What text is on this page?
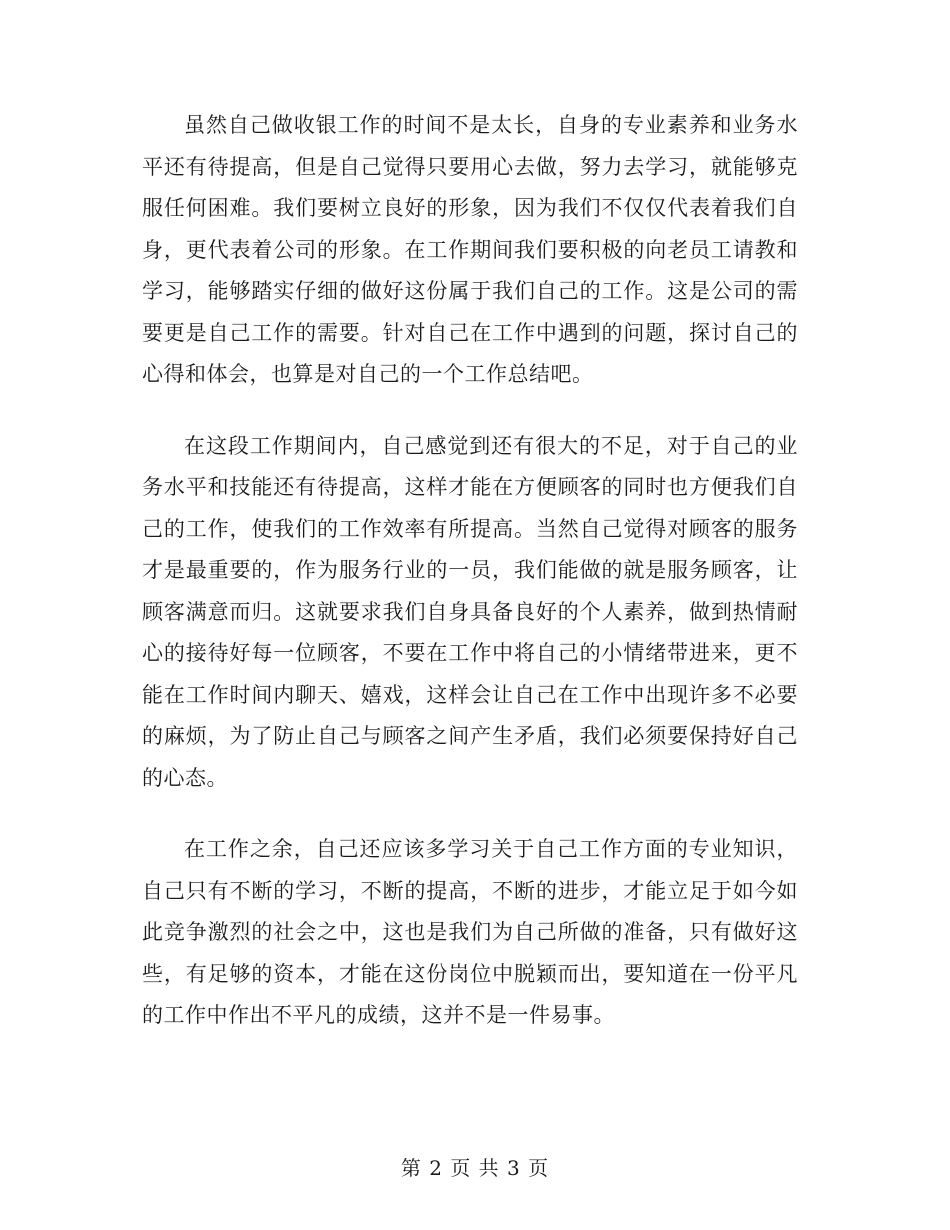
虽然自己做收银工作的时间不是太长，自身的专业素养和业务水平还有待提高，但是自己觉得只要用心去做，努力去学习，就能够克服任何困难。我们要树立良好的形象，因为我们不仅仅代表着我们自身，更代表着公司的形象。在工作期间我们要积极的向老员工请教和学习，能够踏实仔细的做好这份属于我们自己的工作。这是公司的需要更是自己工作的需要。针对自己在工作中遇到的问题，探讨自己的心得和体会，也算是对自己的一个工作总结吧。

在这段工作期间内，自己感觉到还有很大的不足，对于自己的业务水平和技能还有待提高，这样才能在方便顾客的同时也方便我们自己的工作，使我们的工作效率有所提高。当然自己觉得对顾客的服务才是最重要的，作为服务行业的一员，我们能做的就是服务顾客，让顾客满意而归。这就要求我们自身具备良好的个人素养，做到热情耐心的接待好每一位顾客，不要在工作中将自己的小情绪带进来，更不能在工作时间内聊天、嬉戏，这样会让自己在工作中出现许多不必要的麻烦，为了防止自己与顾客之间产生矛盾，我们必须要保持好自己的心态。

在工作之余，自己还应该多学习关于自己工作方面的专业知识，自己只有不断的学习，不断的提高，不断的进步，才能立足于如今如此竞争激烈的社会之中，这也是我们为自己所做的准备，只有做好这些，有足够的资本，才能在这份岗位中脱颖而出，要知道在一份平凡的工作中作出不平凡的成绩，这并不是一件易事。

第 2 页 共 3 页
